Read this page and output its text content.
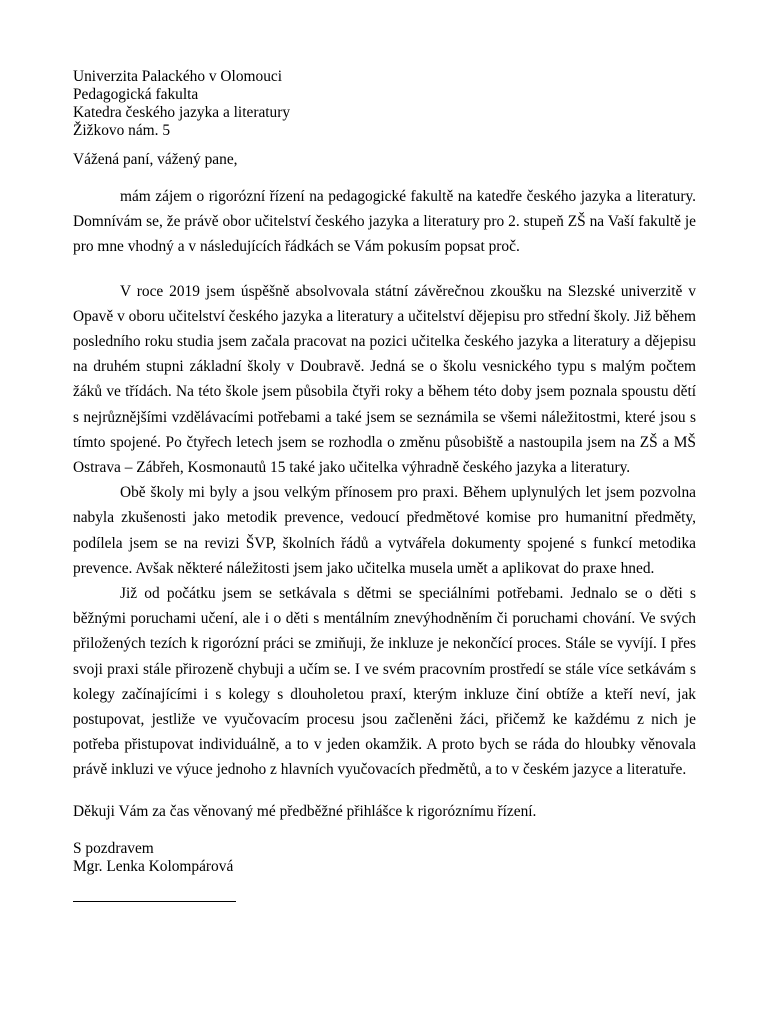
Univerzita Palackého v Olomouci
Pedagogická fakulta
Katedra českého jazyka a literatury
Žižkovo nám. 5
Vážená paní, vážený pane,

mám zájem o rigorózní řízení na pedagogické fakultě na katedře českého jazyka a literatury. Domnívám se, že právě obor učitelství českého jazyka a literatury pro 2. stupeň ZŠ na Vaší fakultě je pro mne vhodný a v následujících řádkách se Vám pokusím popsat proč.

V roce 2019 jsem úspěšně absolvovala státní závěrečnou zkoušku na Slezské univerzitě v Opavě v oboru učitelství českého jazyka a literatury a učitelství dějepisu pro střední školy. Již během posledního roku studia jsem začala pracovat na pozici učitelka českého jazyka a literatury a dějepisu na druhém stupni základní školy v Doubravě. Jedná se o školu vesnického typu s malým počtem žáků ve třídách. Na této škole jsem působila čtyři roky a během této doby jsem poznala spoustu dětí s nejrůznějšími vzdělávacími potřebami a také jsem se seznámila se všemi náležitostmi, které jsou s tímto spojené. Po čtyřech letech jsem se rozhodla o změnu působiště a nastoupila jsem na ZŠ a MŠ Ostrava – Zábřeh, Kosmonautů 15 také jako učitelka výhradně českého jazyka a literatury.

Obě školy mi byly a jsou velkým přínosem pro praxi. Během uplynulých let jsem pozvolna nabyla zkušenosti jako metodik prevence, vedoucí předmětové komise pro humanitní předměty, podílela jsem se na revizi ŠVP, školních řádů a vytvářela dokumenty spojené s funkcí metodika prevence. Avšak některé náležitosti jsem jako učitelka musela umět a aplikovat do praxe hned.

Již od počátku jsem se setkávala s dětmi se speciálními potřebami. Jednalo se o děti s běžnými poruchami učení, ale i o děti s mentálním znevýhodněním či poruchami chování. Ve svých přiložených tezích k rigorózní práci se zmiňuji, že inkluze je nekončící proces. Stále se vyvíjí. I přes svoji praxi stále přirozeně chybuji a učím se. I ve svém pracovním prostředí se stále více setkávám s kolegy začínajícími i s kolegy s dlouholetou praxí, kterým inkluze činí obtíže a kteří neví, jak postupovat, jestliže ve vyučovacím procesu jsou začleněni žáci, přičemž ke každému z nich je potřeba přistupovat individuálně, a to v jeden okamžik. A proto bych se ráda do hloubky věnovala právě inkluzi ve výuce jednoho z hlavních vyučovacích předmětů, a to v českém jazyce a literatuře.

Děkuji Vám za čas věnovaný mé předběžné přihlášce k rigoróznímu řízení.
S pozdravem
Mgr. Lenka Kolompárová
